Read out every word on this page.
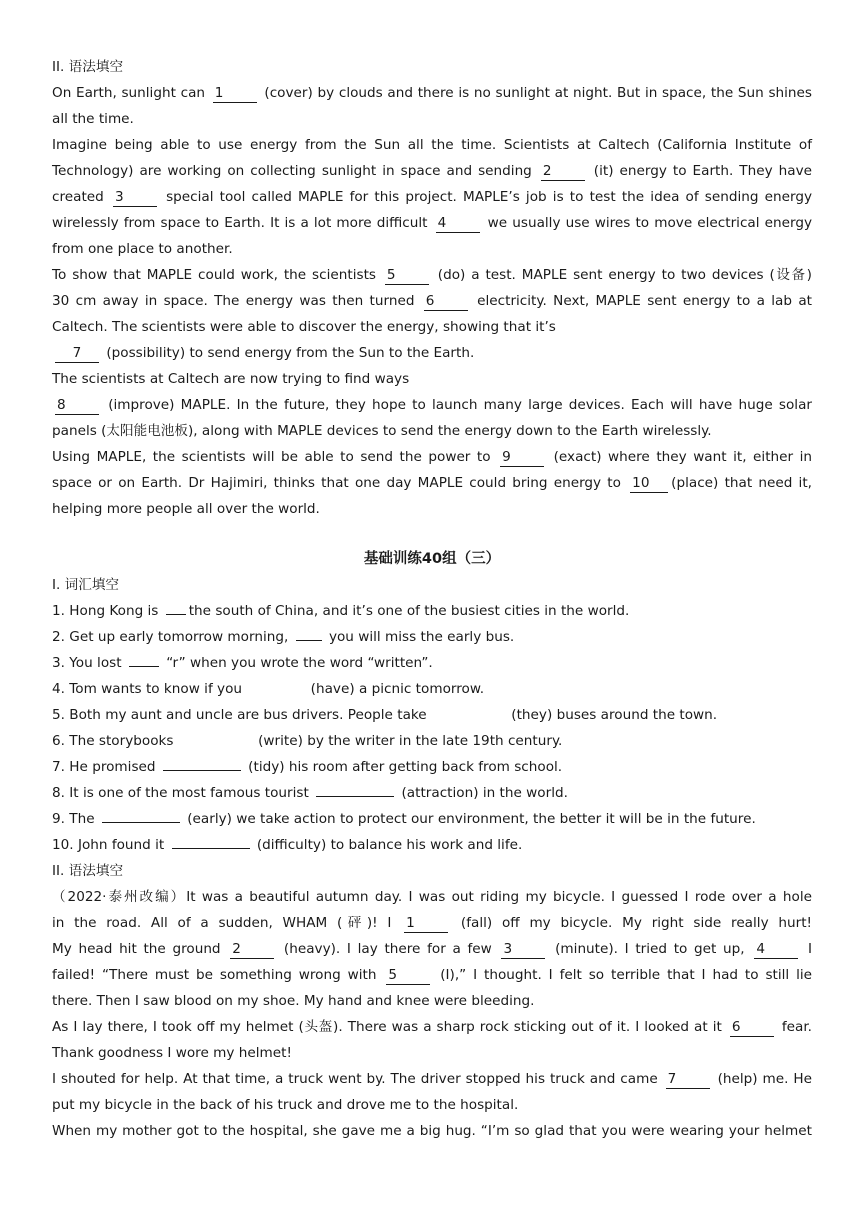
II. 语法填空
On Earth, sunlight can 1	(cover) by clouds and there is no sunlight at night. But in space, the Sun shines
all the time.
Imagine being able to use energy from the Sun all the time. Scientists at Caltech (California Institute of
Technology) are working on collecting sunlight in space and sending 2	(it) energy to Earth. They have
created 3	special tool called MAPLE for this project. MAPLE’s job is to test the idea of sending energy
wirelessly from space to Earth. It is a lot more difficult 4	we usually use wires to move electrical energy
from one place to another.
To show that MAPLE could work, the scientists 5	(do) a test. MAPLE sent energy to two devices (设备)
30 cm away in space. The energy was then turned 6	electricity. Next, MAPLE sent energy to a lab at
Caltech. The scientists were able to discover the energy, showing that it’s
7 (possibility) to send energy from the Sun to the Earth.
The scientists at Caltech are now trying to find ways
8	(improve) MAPLE. In the future, they hope to launch many large devices. Each will have huge solar
panels (太阳能电池板), along with MAPLE devices to send the energy down to the Earth wirelessly.
Using MAPLE, the scientists will be able to send the power to 9	(exact) where they want it, either in
space or on Earth. Dr Hajimiri, thinks that one day MAPLE could bring energy to 10 (place) that need it,
helping more people all over the world.
基础训练40组（三）
I. 词汇填空
1. Hong Kong is the south of China, and it’s one of the busiest cities in the world.
2. Get up early tomorrow morning,  you will miss the early bus.
3. You lost	“r” when you wrote the word “written”.
4. Tom wants to know if you	(have) a picnic tomorrow.
5. Both my aunt and uncle are bus drivers. People take	(they) buses around the town.
6. The storybooks	(write) by the writer in the late 19th century.
7. He promised	(tidy) his room after getting back from school.
8. It is one of the most famous tourist	(attraction) in the world.
9. The	(early) we take action to protect our environment, the better it will be in the future.
10. John found it	(difficulty) to balance his work and life.
II. 语法填空
（2022·泰州改编）It was a beautiful autumn day. I was out riding my bicycle. I guessed I rode over a hole
in the road. All of a sudden, WHAM (砰)! I 1	(fall) off my bicycle. My right side really hurt!
My head hit the ground 2	(heavy). I lay there for a few 3	(minute). I tried to get up, 4	I
failed! “There must be something wrong with 5	(I),” I thought. I felt so terrible that I had to still lie
there. Then I saw blood on my shoe. My hand and knee were bleeding.
As I lay there, I took off my helmet (头盔). There was a sharp rock sticking out of it. I looked at it 6	fear.
Thank goodness I wore my helmet!
I shouted for help. At that time, a truck went by. The driver stopped his truck and came 7	(help) me. He
put my bicycle in the back of his truck and drove me to the hospital.
When my mother got to the hospital, she gave me a big hug. “I’m so glad that you were wearing your helmet
